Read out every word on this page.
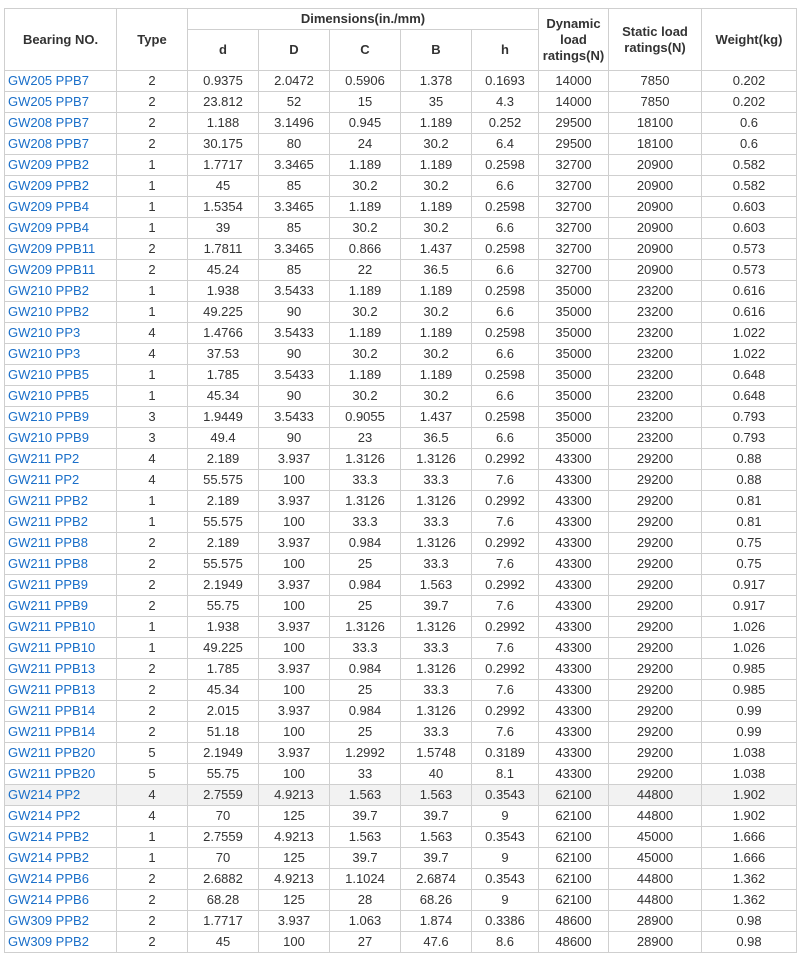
Bearing NO.	Type	Dimensions(in./mm)					Dynamic load ratings(N)	Static load ratings(N)	Weight(kg)
		d	D	C	B	h			
GW205 PPB7	2	0.9375	2.0472	0.5906	1.378	0.1693	14000	7850	0.202
GW205 PPB7	2	23.812	52	15	35	4.3	14000	7850	0.202
GW208 PPB7	2	1.188	3.1496	0.945	1.189	0.252	29500	18100	0.6
GW208 PPB7	2	30.175	80	24	30.2	6.4	29500	18100	0.6
GW209 PPB2	1	1.7717	3.3465	1.189	1.189	0.2598	32700	20900	0.582
GW209 PPB2	1	45	85	30.2	30.2	6.6	32700	20900	0.582
GW209 PPB4	1	1.5354	3.3465	1.189	1.189	0.2598	32700	20900	0.603
GW209 PPB4	1	39	85	30.2	30.2	6.6	32700	20900	0.603
GW209 PPB11	2	1.7811	3.3465	0.866	1.437	0.2598	32700	20900	0.573
GW209 PPB11	2	45.24	85	22	36.5	6.6	32700	20900	0.573
GW210 PPB2	1	1.938	3.5433	1.189	1.189	0.2598	35000	23200	0.616
GW210 PPB2	1	49.225	90	30.2	30.2	6.6	35000	23200	0.616
GW210 PP3	4	1.4766	3.5433	1.189	1.189	0.2598	35000	23200	1.022
GW210 PP3	4	37.53	90	30.2	30.2	6.6	35000	23200	1.022
GW210 PPB5	1	1.785	3.5433	1.189	1.189	0.2598	35000	23200	0.648
GW210 PPB5	1	45.34	90	30.2	30.2	6.6	35000	23200	0.648
GW210 PPB9	3	1.9449	3.5433	0.9055	1.437	0.2598	35000	23200	0.793
GW210 PPB9	3	49.4	90	23	36.5	6.6	35000	23200	0.793
GW211 PP2	4	2.189	3.937	1.3126	1.3126	0.2992	43300	29200	0.88
GW211 PP2	4	55.575	100	33.3	33.3	7.6	43300	29200	0.88
GW211 PPB2	1	2.189	3.937	1.3126	1.3126	0.2992	43300	29200	0.81
GW211 PPB2	1	55.575	100	33.3	33.3	7.6	43300	29200	0.81
GW211 PPB8	2	2.189	3.937	0.984	1.3126	0.2992	43300	29200	0.75
GW211 PPB8	2	55.575	100	25	33.3	7.6	43300	29200	0.75
GW211 PPB9	2	2.1949	3.937	0.984	1.563	0.2992	43300	29200	0.917
GW211 PPB9	2	55.75	100	25	39.7	7.6	43300	29200	0.917
GW211 PPB10	1	1.938	3.937	1.3126	1.3126	0.2992	43300	29200	1.026
GW211 PPB10	1	49.225	100	33.3	33.3	7.6	43300	29200	1.026
GW211 PPB13	2	1.785	3.937	0.984	1.3126	0.2992	43300	29200	0.985
GW211 PPB13	2	45.34	100	25	33.3	7.6	43300	29200	0.985
GW211 PPB14	2	2.015	3.937	0.984	1.3126	0.2992	43300	29200	0.99
GW211 PPB14	2	51.18	100	25	33.3	7.6	43300	29200	0.99
GW211 PPB20	5	2.1949	3.937	1.2992	1.5748	0.3189	43300	29200	1.038
GW211 PPB20	5	55.75	100	33	40	8.1	43300	29200	1.038
GW214 PP2	4	2.7559	4.9213	1.563	1.563	0.3543	62100	44800	1.902
GW214 PP2	4	70	125	39.7	39.7	9	62100	44800	1.902
GW214 PPB2	1	2.7559	4.9213	1.563	1.563	0.3543	62100	45000	1.666
GW214 PPB2	1	70	125	39.7	39.7	9	62100	45000	1.666
GW214 PPB6	2	2.6882	4.9213	1.1024	2.6874	0.3543	62100	44800	1.362
GW214 PPB6	2	68.28	125	28	68.26	9	62100	44800	1.362
GW309 PPB2	2	1.7717	3.937	1.063	1.874	0.3386	48600	28900	0.98
GW309 PPB2	2	45	100	27	47.6	8.6	48600	28900	0.98
